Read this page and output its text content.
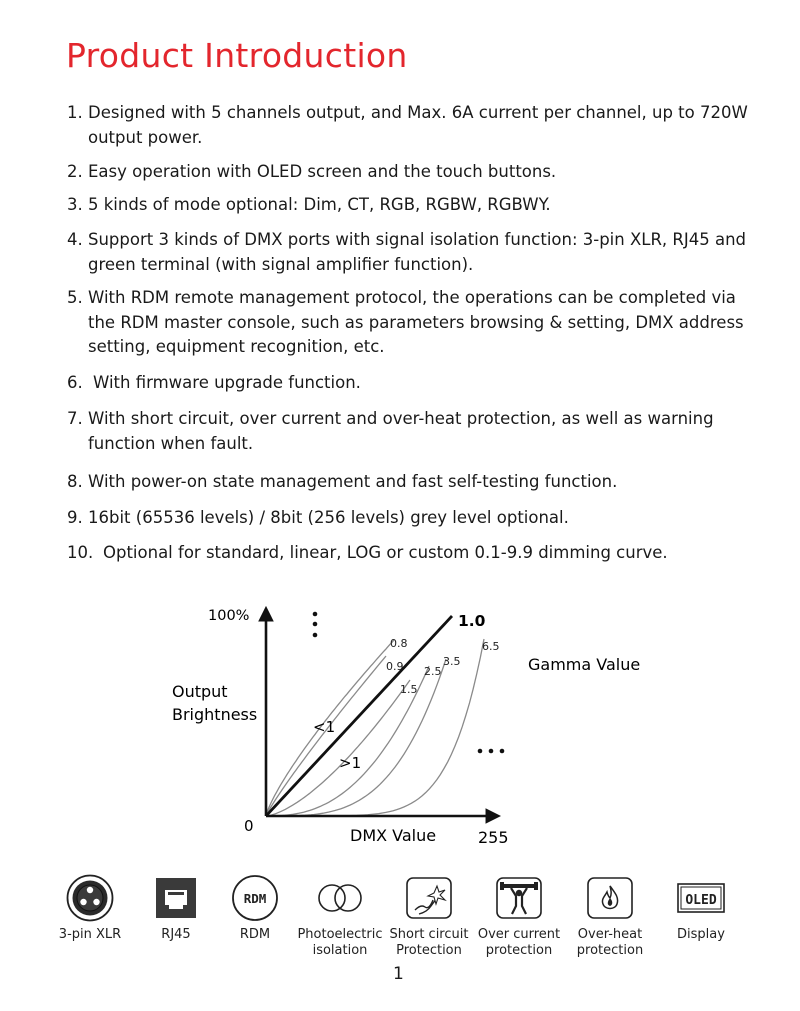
Product Introduction
1. Designed with 5 channels output, and Max. 6A current per channel, up to 720W output power.
2. Easy operation with OLED screen and the touch buttons.
3. 5 kinds of mode optional: Dim, CT, RGB, RGBW, RGBWY.
4. Support 3 kinds of DMX ports with signal isolation function: 3-pin XLR, RJ45 and green terminal (with signal amplifier function).
5. With RDM remote management protocol, the operations can be completed via the RDM master console, such as parameters browsing & setting, DMX address setting, equipment recognition, etc.
6. With firmware upgrade function.
7. With short circuit, over current and over-heat protection, as well as warning function when fault.
8. With power-on state management and fast self-testing function.
9. 16bit (65536 levels) / 8bit (256 levels) grey level optional.
10. Optional for standard, linear, LOG or custom 0.1-9.9 dimming curve.
100%
Output
Brightness
0	DMX Value	255
Gamma Value
<1
>1
1.0
0.8
0.9
1.5
2.5
3.5
6.5
3-pin XLR	RJ45
RDM
RDM	Photoelectric
isolation
Short circuit
Protection
Over current
protection
Over-heat
protection
OLED
Display
1
